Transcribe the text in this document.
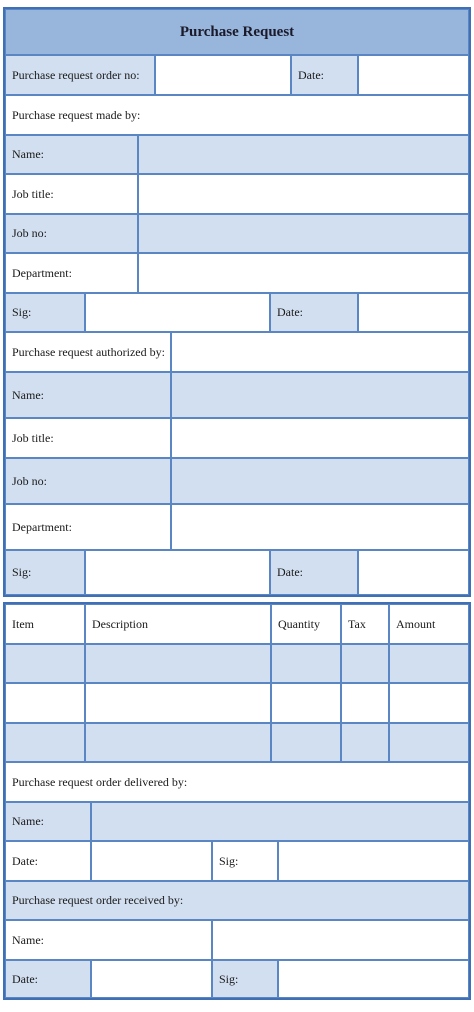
Purchase Request
Purchase request order no:	Date:
Purchase request made by:
Name:
Job title:
Job no:
Department:
Sig:	Date:
Purchase request authorized by:
Name:
Job title:
Job no:
Department:
Sig:	Date:
Item	Description	Quantity	Tax	Amount
Purchase request order delivered by:
Name:
Date:	Sig:
Purchase request order received by:
Name:
Date:	Sig:
